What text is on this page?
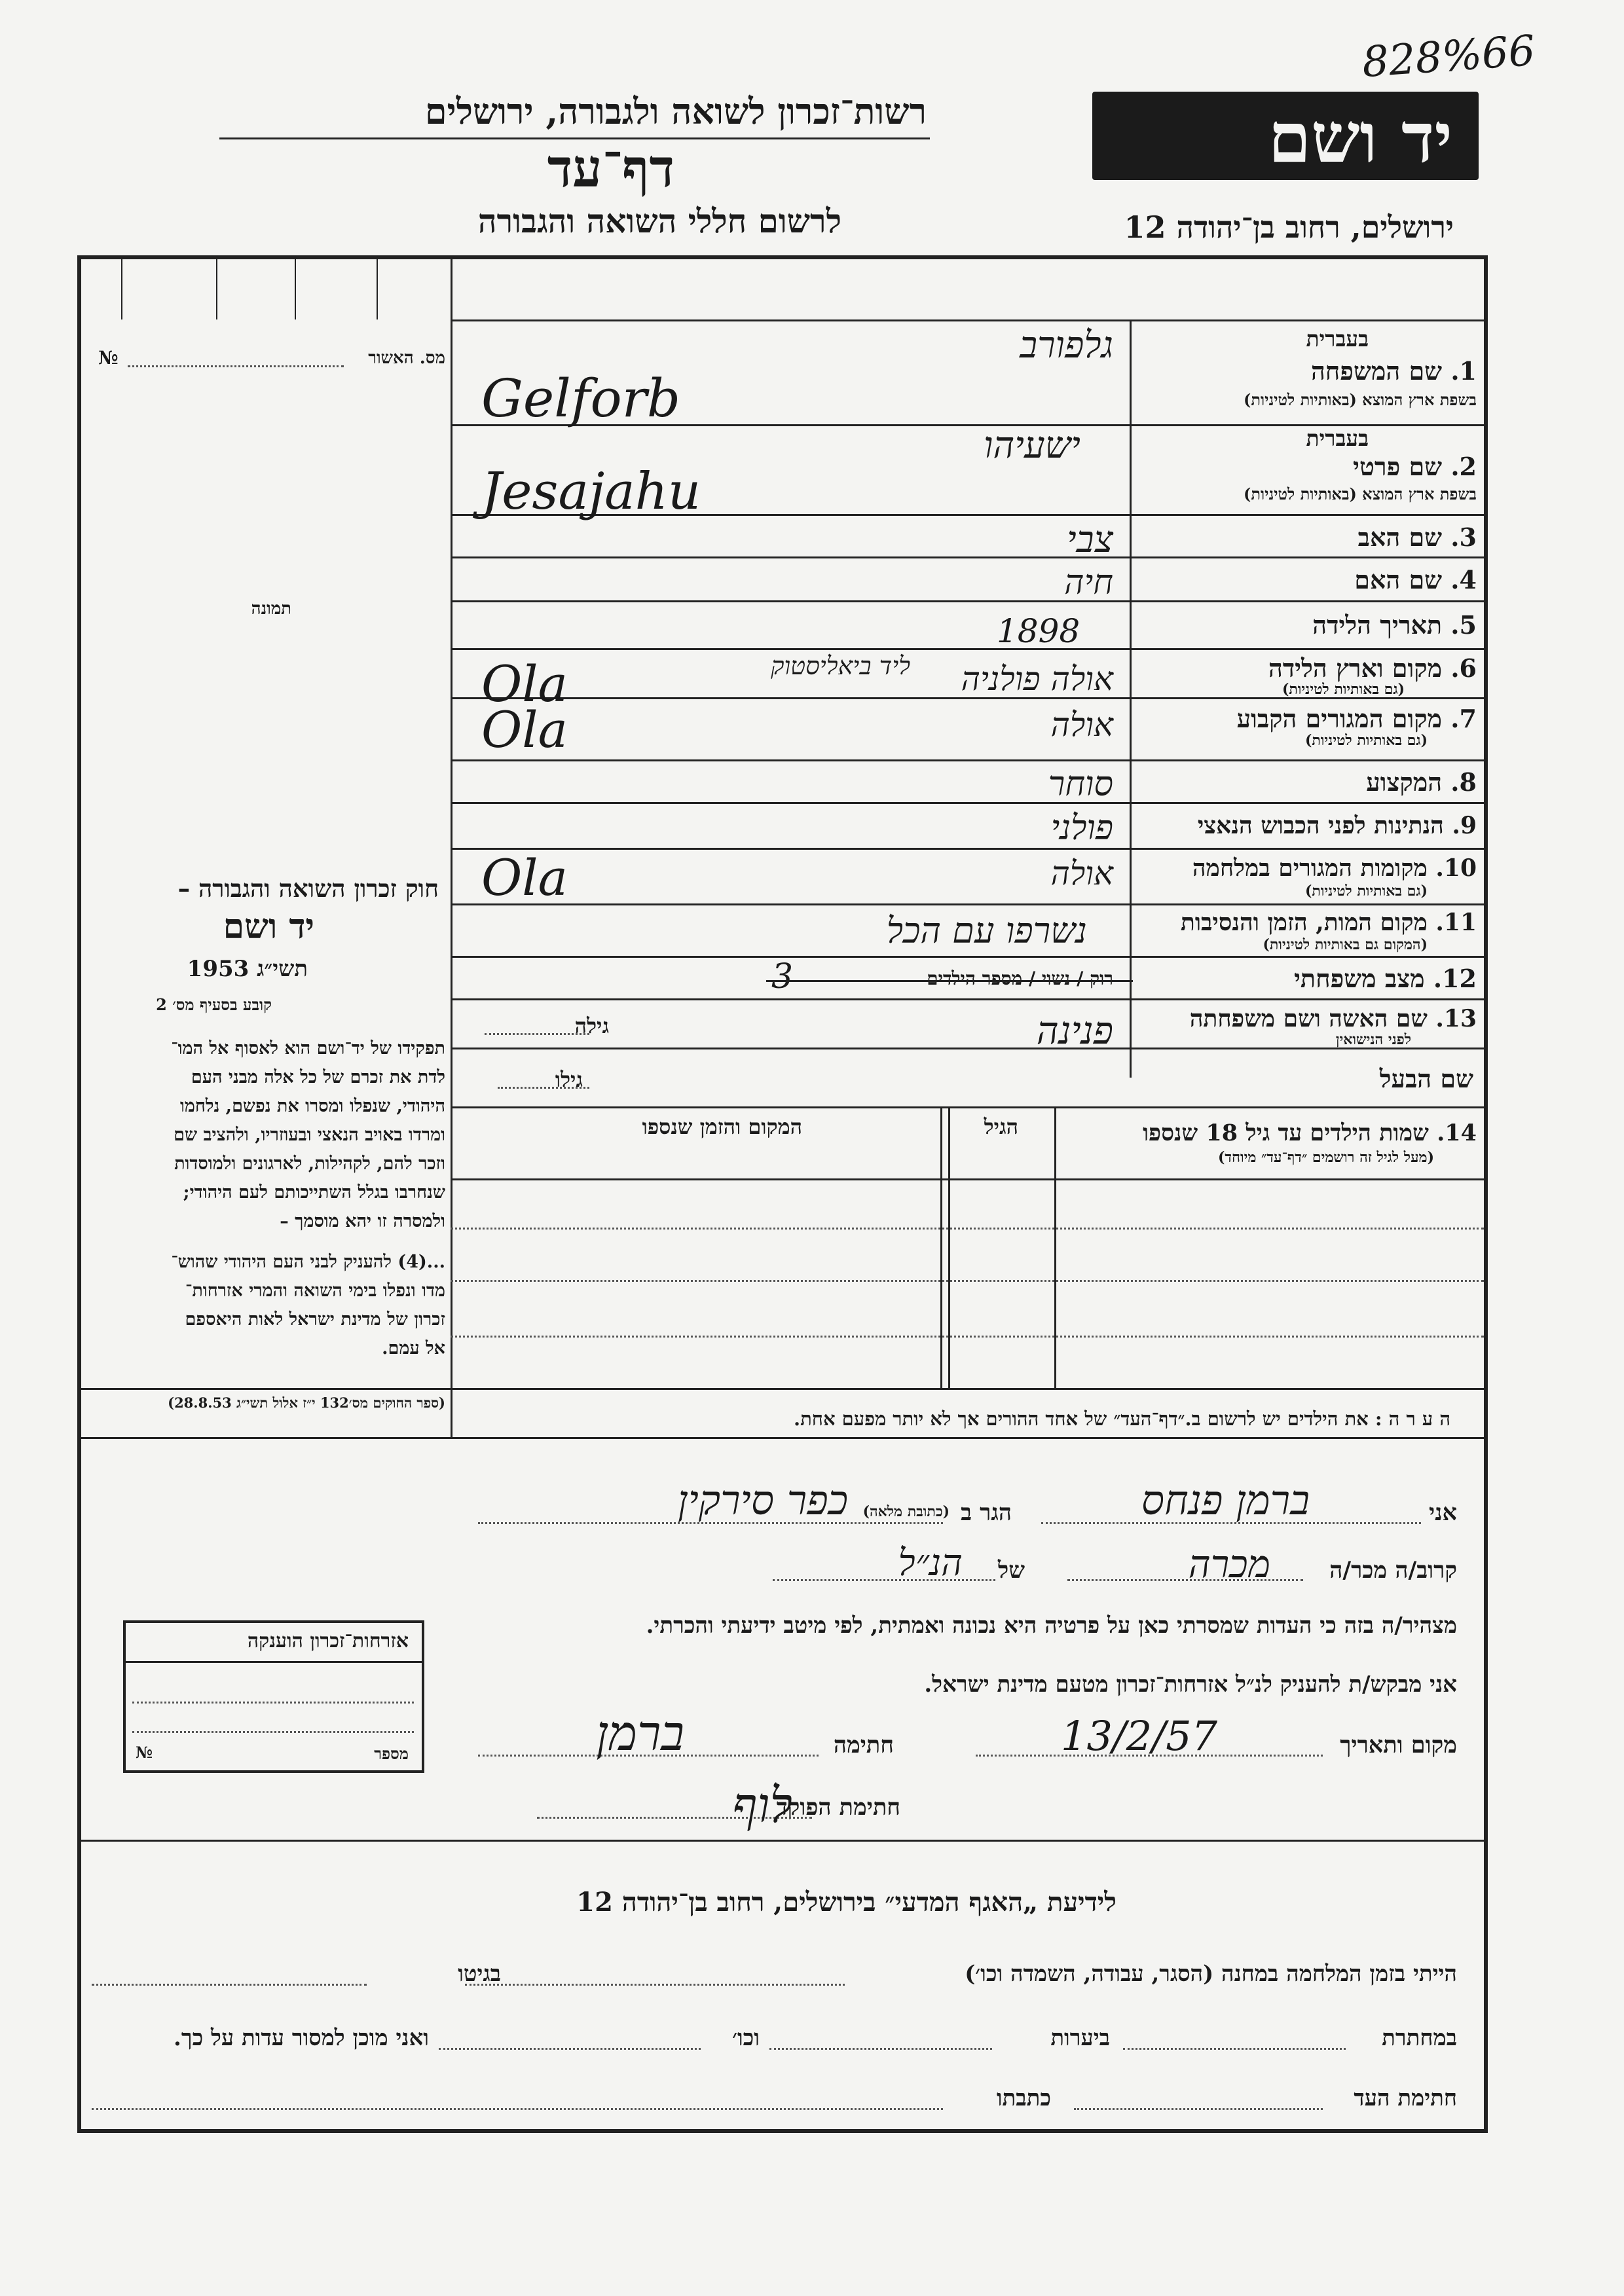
828%66
יד ושם
רשות־זכרון לשואה ולגבורה, ירושלים
דף־עד
לרשום חללי השואה והגבורה	ירושלים, רחוב בן־יהודה 12
№	מס. האשור
תמונה
חוק זכרון השואה והגבורה –
יד ושם
תשי״ג 1953
קובע בסעיף מס׳ 2
תפקידו של יד־ושם הוא לאסוף אל המו־
לדת את זכרם של כל אלה מבני העם
היהודי, שנפלו ומסרו את נפשם, נלחמו
ומרדו באויב הנאצי ובעוזריו, ולהציב שם
וזכר להם, לקהילות, לארגונים ולמוסדות
שנחרבו בגלל השתייכותם לעם היהודי;
ולמסרה זו יהא מוסמך –
...(4) להעניק לבני העם היהודי שהוש־
מדו ונפלו בימי השואה והמרי אזרחות־
זכרון של מדינת ישראל לאות היאספם
אל עמם.
(ספר החוקים מס׳132 י״ז אלול תשי״ג 28.8.53)
בעברית
1. שם המשפחה
בשפת ארץ המוצא (באותיות לטיניות)
בעברית
2. שם פרטי
בשפת ארץ המוצא (באותיות לטיניות)
3. שם האב
4. שם האם
5. תאריך הלידה
6. מקום וארץ הלידה
(גם באותיות לטיניות)
7. מקום המגורים הקבוע
(גם באותיות לטיניות)
8. המקצוע
9. הנתינות לפני הכבוש הנאצי
10. מקומות המגורים במלחמה
(גם באותיות לטיניות)
11. מקום המות, הזמן והנסיבות
(המקום גם באותיות לטיניות)
12. מצב משפחתי
רוק / נשוי / מספר הילדים
13. שם האשה ושם משפחתה
לפני הנישואין
גילה
שם הבעל
גילו
גלפורב
Gelforb
ישעיהו
Jesajahu
צבי
חיה
1898
ליד ביאליסטוק אולה פולניה
Ola
אולה
Ola
סוחר
פולני
אולה
Ola
נשרפו עם הכל
3
פנינה
14. שמות הילדים עד גיל 18 שנספו
(מעל לגיל זה רושמים ״דף־עד״ מיוחד)
הגיל
המקום והזמן שנספו
ה ע ר ה : את הילדים יש לרשום ב.״דף־העד״ של אחד ההורים אך לא יותר מפעם אחת.
אני
ברמן פנחס
הגר ב
(כתובת מלאה)
כפר סירקין
קרוב/ה מכר/ה
מכרה
של
הנ״ל
מצהיר/ה בזה כי העדות שמסרתי כאן על פרטיה היא נכונה ואמתית, לפי מיטב ידיעתי והכרתי.
אני מבקש/ת להעניק לנ״ל אזרחות־זכרון מטעם מדינת ישראל.
מקום ותאריך
13/2/57
חתימה
ברמן
חתימת הפוקד
לוף
אזרחות־זכרון הוענקה
מספר
№
לידיעת „האגף המדעי״ בירושלים, רחוב בן־יהודה 12
הייתי בזמן המלחמה במחנה (הסגר, עבודה, השמדה וכו׳)
בגיטו
במחתרת
ביערות
וכו׳
ואני מוכן למסור עדות על כך.
חתימת העד
כתבתו
